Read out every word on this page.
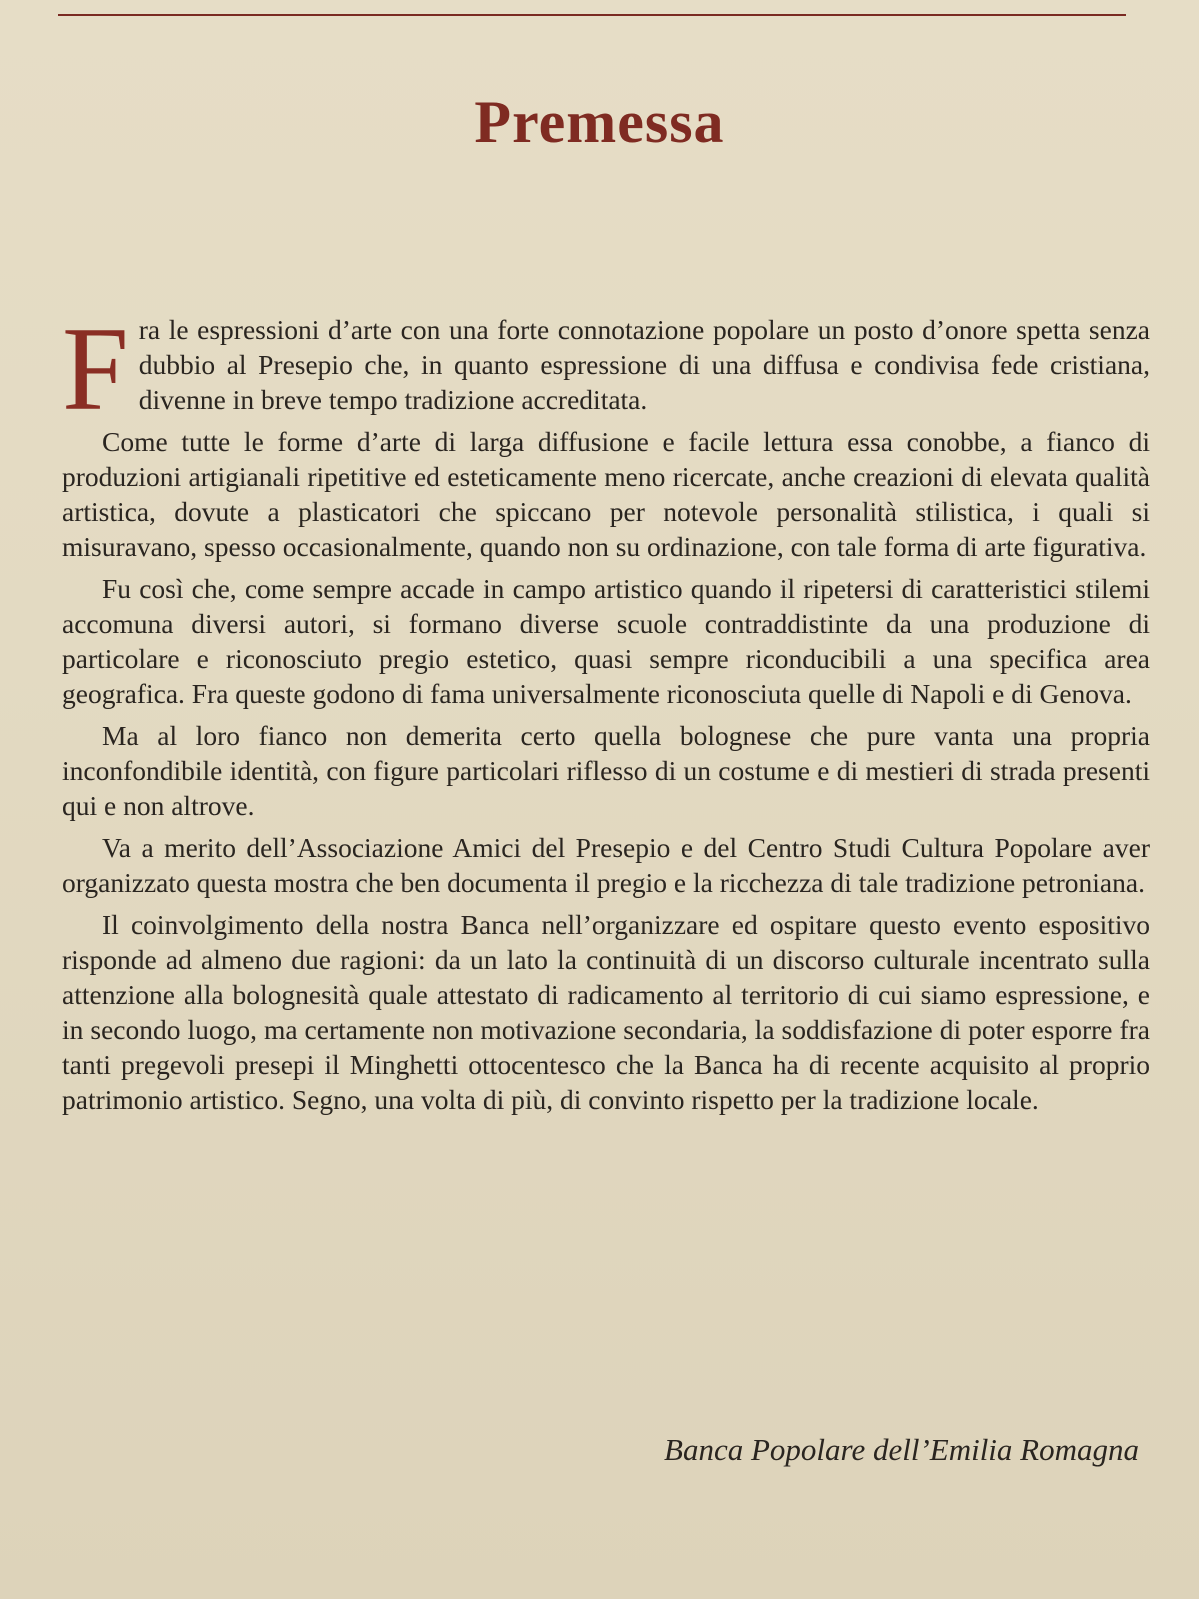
Premessa

Fra le espressioni d’arte con una forte connotazione popolare un posto d’onore spetta senza dubbio al Presepio che, in quanto espressione di una diffusa e condivisa fede cristiana, divenne in breve tempo tradizione accreditata.

Come tutte le forme d’arte di larga diffusione e facile lettura essa conobbe, a fianco di produzioni artigianali ripetitive ed esteticamente meno ricercate, anche creazioni di elevata qualità artistica, dovute a plasticatori che spiccano per notevole personalità stilistica, i quali si misuravano, spesso occasionalmente, quando non su ordinazione, con tale forma di arte figurativa.

Fu così che, come sempre accade in campo artistico quando il ripetersi di caratteristici stilemi accomuna diversi autori, si formano diverse scuole contraddistinte da una produzione di particolare e riconosciuto pregio estetico, quasi sempre riconducibili a una specifica area geografica. Fra queste godono di fama universalmente riconosciuta quelle di Napoli e di Genova.

Ma al loro fianco non demerita certo quella bolognese che pure vanta una propria inconfondibile identità, con figure particolari riflesso di un costume e di mestieri di strada presenti qui e non altrove.

Va a merito dell’Associazione Amici del Presepio e del Centro Studi Cultura Popolare aver organizzato questa mostra che ben documenta il pregio e la ricchezza di tale tradizione petroniana.

Il coinvolgimento della nostra Banca nell’organizzare ed ospitare questo evento espositivo risponde ad almeno due ragioni: da un lato la continuità di un discorso culturale incentrato sulla attenzione alla bolognesità quale attestato di radicamento al territorio di cui siamo espressione, e in secondo luogo, ma certamente non motivazione secondaria, la soddisfazione di poter esporre fra tanti pregevoli presepi il Minghetti ottocentesco che la Banca ha di recente acquisito al proprio patrimonio artistico. Segno, una volta di più, di convinto rispetto per la tradizione locale.

Banca Popolare dell’Emilia Romagna
